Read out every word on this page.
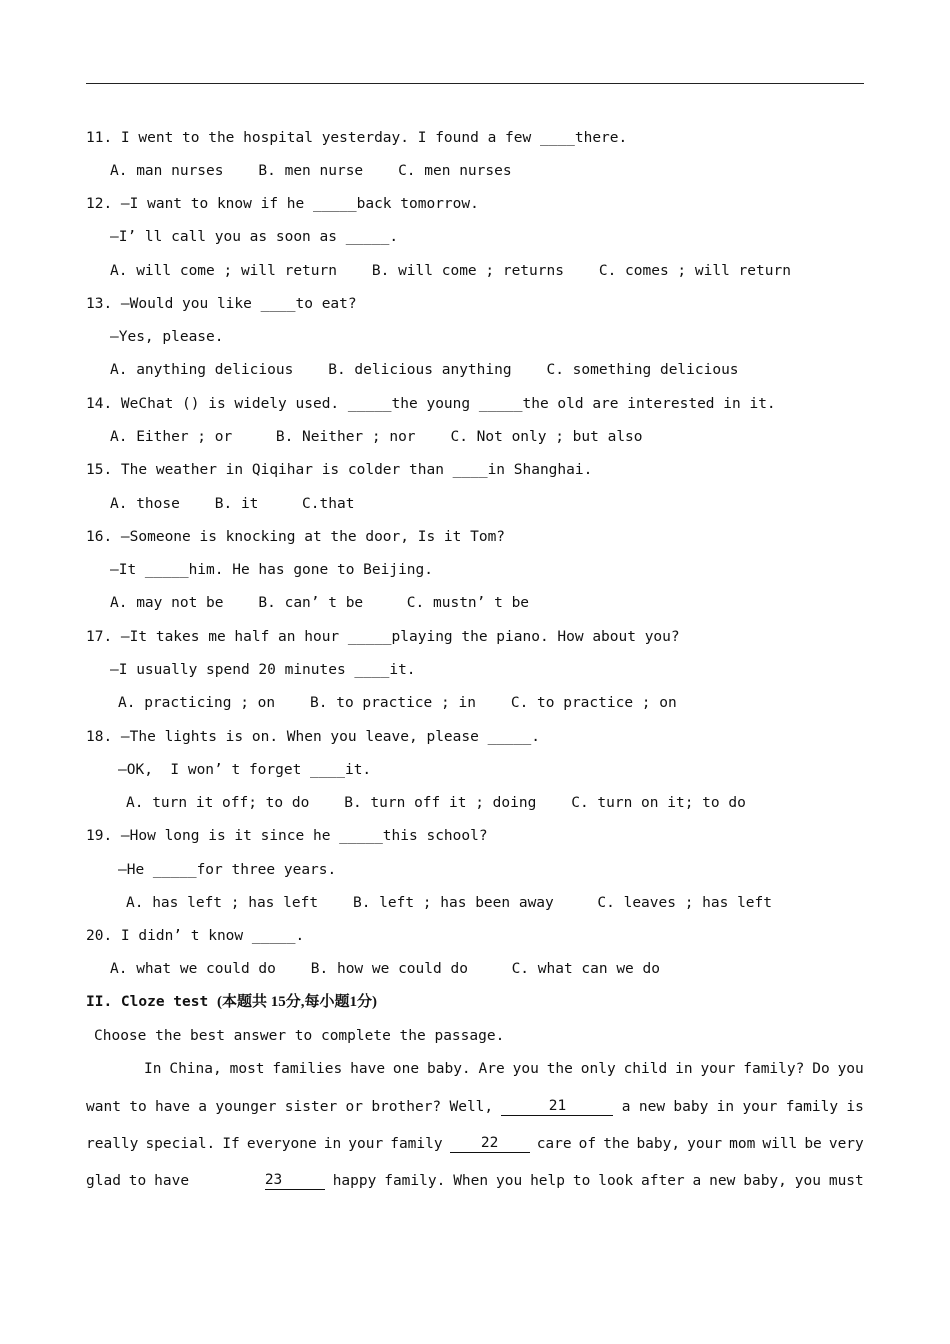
11. I went to the hospital yesterday. I found a few ____there.
A. man nurses    B. men nurse    C. men nurses
12. —I want to know if he _____back tomorrow.
—I’ ll call you as soon as _____.
A. will come ; will return    B. will come ; returns    C. comes ; will return
13. —Would you like ____to eat?
—Yes, please.
A. anything delicious    B. delicious anything    C. something delicious
14. WeChat () is widely used. _____the young _____the old are interested in it.
A. Either ; or     B. Neither ; nor    C. Not only ; but also
15. The weather in Qiqihar is colder than ____in Shanghai.
A. those    B. it     C.that
16. —Someone is knocking at the door, Is it Tom?
—It _____him. He has gone to Beijing.
A. may not be    B. can’ t be     C. mustn’ t be
17. —It takes me half an hour _____playing the piano. How about you?
—I usually spend 20 minutes ____it.
A. practicing ; on    B. to practice ; in    C. to practice ; on
18. —The lights is on. When you leave, please _____.
—OK,  I won’ t forget ____it.
A. turn it off; to do    B. turn off it ; doing    C. turn on it; to do
19. —How long is it since he _____this school?
—He _____for three years.
A. has left ; has left    B. left ; has been away     C. leaves ; has left
20. I didn’ t know _____.
A. what we could do    B. how we could do     C. what can we do
II. Cloze test (本题共 15分,每小题1分)
Choose the best answer to complete the passage.
In China, most families have one baby. Are you the only child in your family? Do you
want to have a younger sister or brother? Well,	21	a new baby in your family is
really special. If everyone in your family	22	care of the baby, your mom will be very
glad to have	23	happy family. When you help to look after a new baby, you must
